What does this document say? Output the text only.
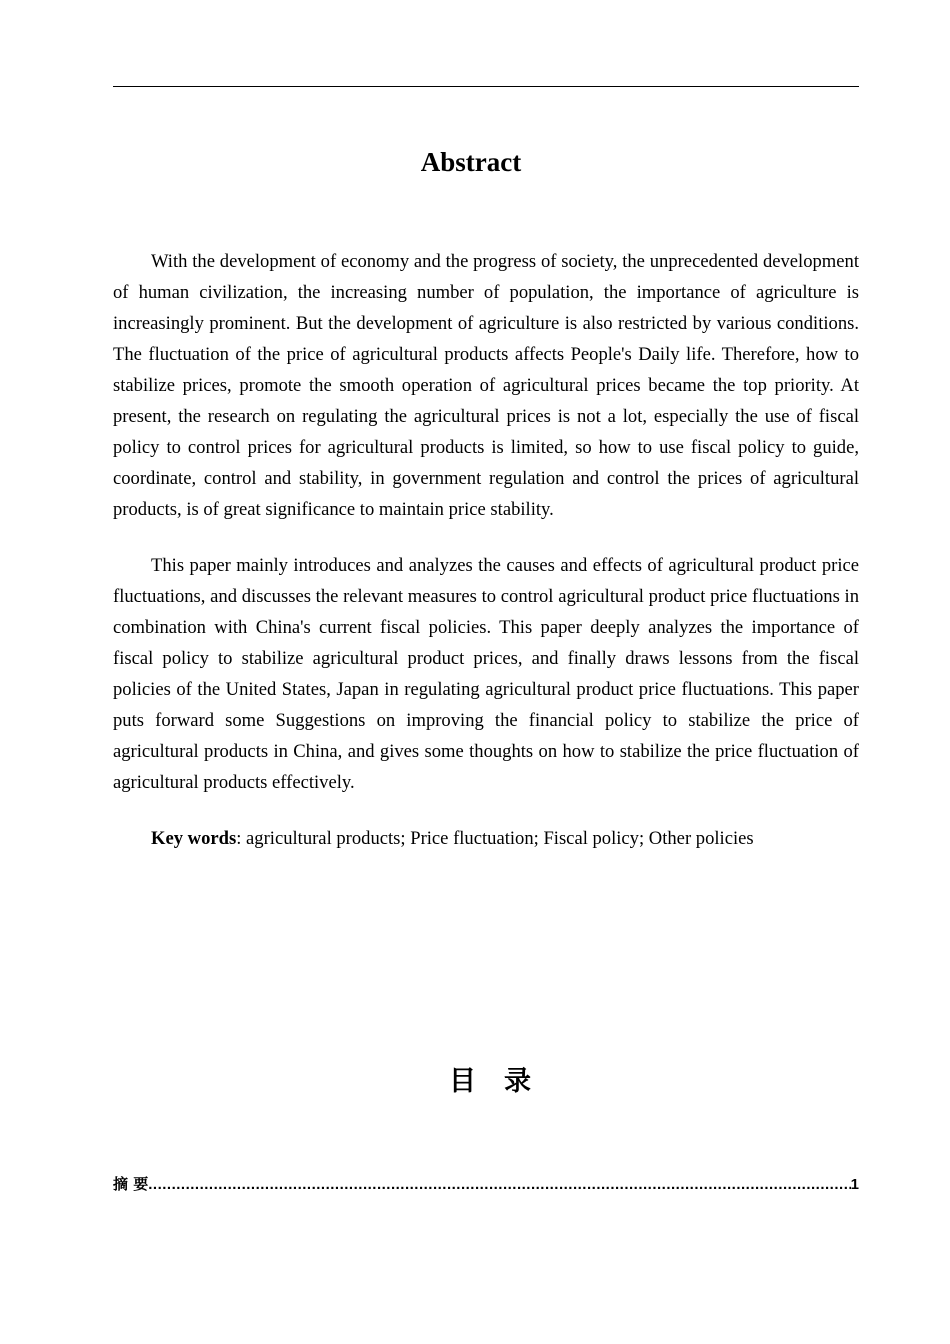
Abstract

With the development of economy and the progress of society, the unprecedented development of human civilization, the increasing number of population, the importance of agriculture is increasingly prominent. But the development of agriculture is also restricted by various conditions. The fluctuation of the price of agricultural products affects People's Daily life. Therefore, how to stabilize prices, promote the smooth operation of agricultural prices became the top priority. At present, the research on regulating the agricultural prices is not a lot, especially the use of fiscal policy to control prices for agricultural products is limited, so how to use fiscal policy to guide, coordinate, control and stability, in government regulation and control the prices of agricultural products, is of great significance to maintain price stability.

This paper mainly introduces and analyzes the causes and effects of agricultural product price fluctuations, and discusses the relevant measures to control agricultural product price fluctuations in combination with China's current fiscal policies. This paper deeply analyzes the importance of fiscal policy to stabilize agricultural product prices, and finally draws lessons from the fiscal policies of the United States, Japan in regulating agricultural product price fluctuations. This paper puts forward some Suggestions on improving the financial policy to stabilize the price of agricultural products in China, and gives some thoughts on how to stabilize the price fluctuation of agricultural products effectively.

Key words: agricultural products; Price fluctuation; Fiscal policy; Other policies

目录
摘 要
.....	1
